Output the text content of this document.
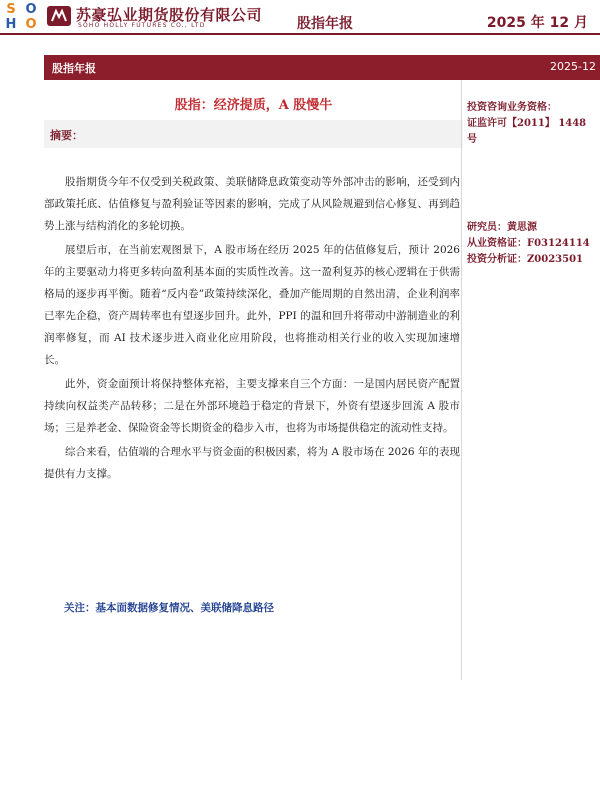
S O
H O
苏豪弘业期货股份有限公司
SOHO HOLLY FUTURES CO., LTD	股指年报	2025 年 12 月
股指年报	2025-12
股指：经济提质，A 股慢牛
摘要：

股指期货今年不仅受到关税政策、美联储降息政策变动等外部冲击的影响，还受到内部政策托底、估值修复与盈利验证等因素的影响，完成了从风险规避到信心修复、再到趋势上涨与结构消化的多轮切换。

展望后市，在当前宏观图景下，A 股市场在经历 2025 年的估值修复后，预计 2026 年的主要驱动力将更多转向盈利基本面的实质性改善。这一盈利复苏的核心逻辑在于供需格局的逐步再平衡。随着“反内卷”政策持续深化，叠加产能周期的自然出清，企业利润率已率先企稳，资产周转率也有望逐步回升。此外，PPI 的温和回升将带动中游制造业的利润率修复，而 AI 技术逐步进入商业化应用阶段，也将推动相关行业的收入实现加速增长。

此外，资金面预计将保持整体充裕，主要支撑来自三个方面：一是国内居民资产配置持续向权益类产品转移；二是在外部环境趋于稳定的背景下，外资有望逐步回流 A 股市场；三是养老金、保险资金等长期资金的稳步入市，也将为市场提供稳定的流动性支持。

综合来看，估值端的合理水平与资金面的积极因素，将为 A 股市场在 2026 年的表现提供有力支撑。

关注：基本面数据修复情况、美联储降息路径
投资咨询业务资格：
证监许可【2011】 1448
号
研究员：黄思源
从业资格证：F03124114
投资分析证：Z0023501
